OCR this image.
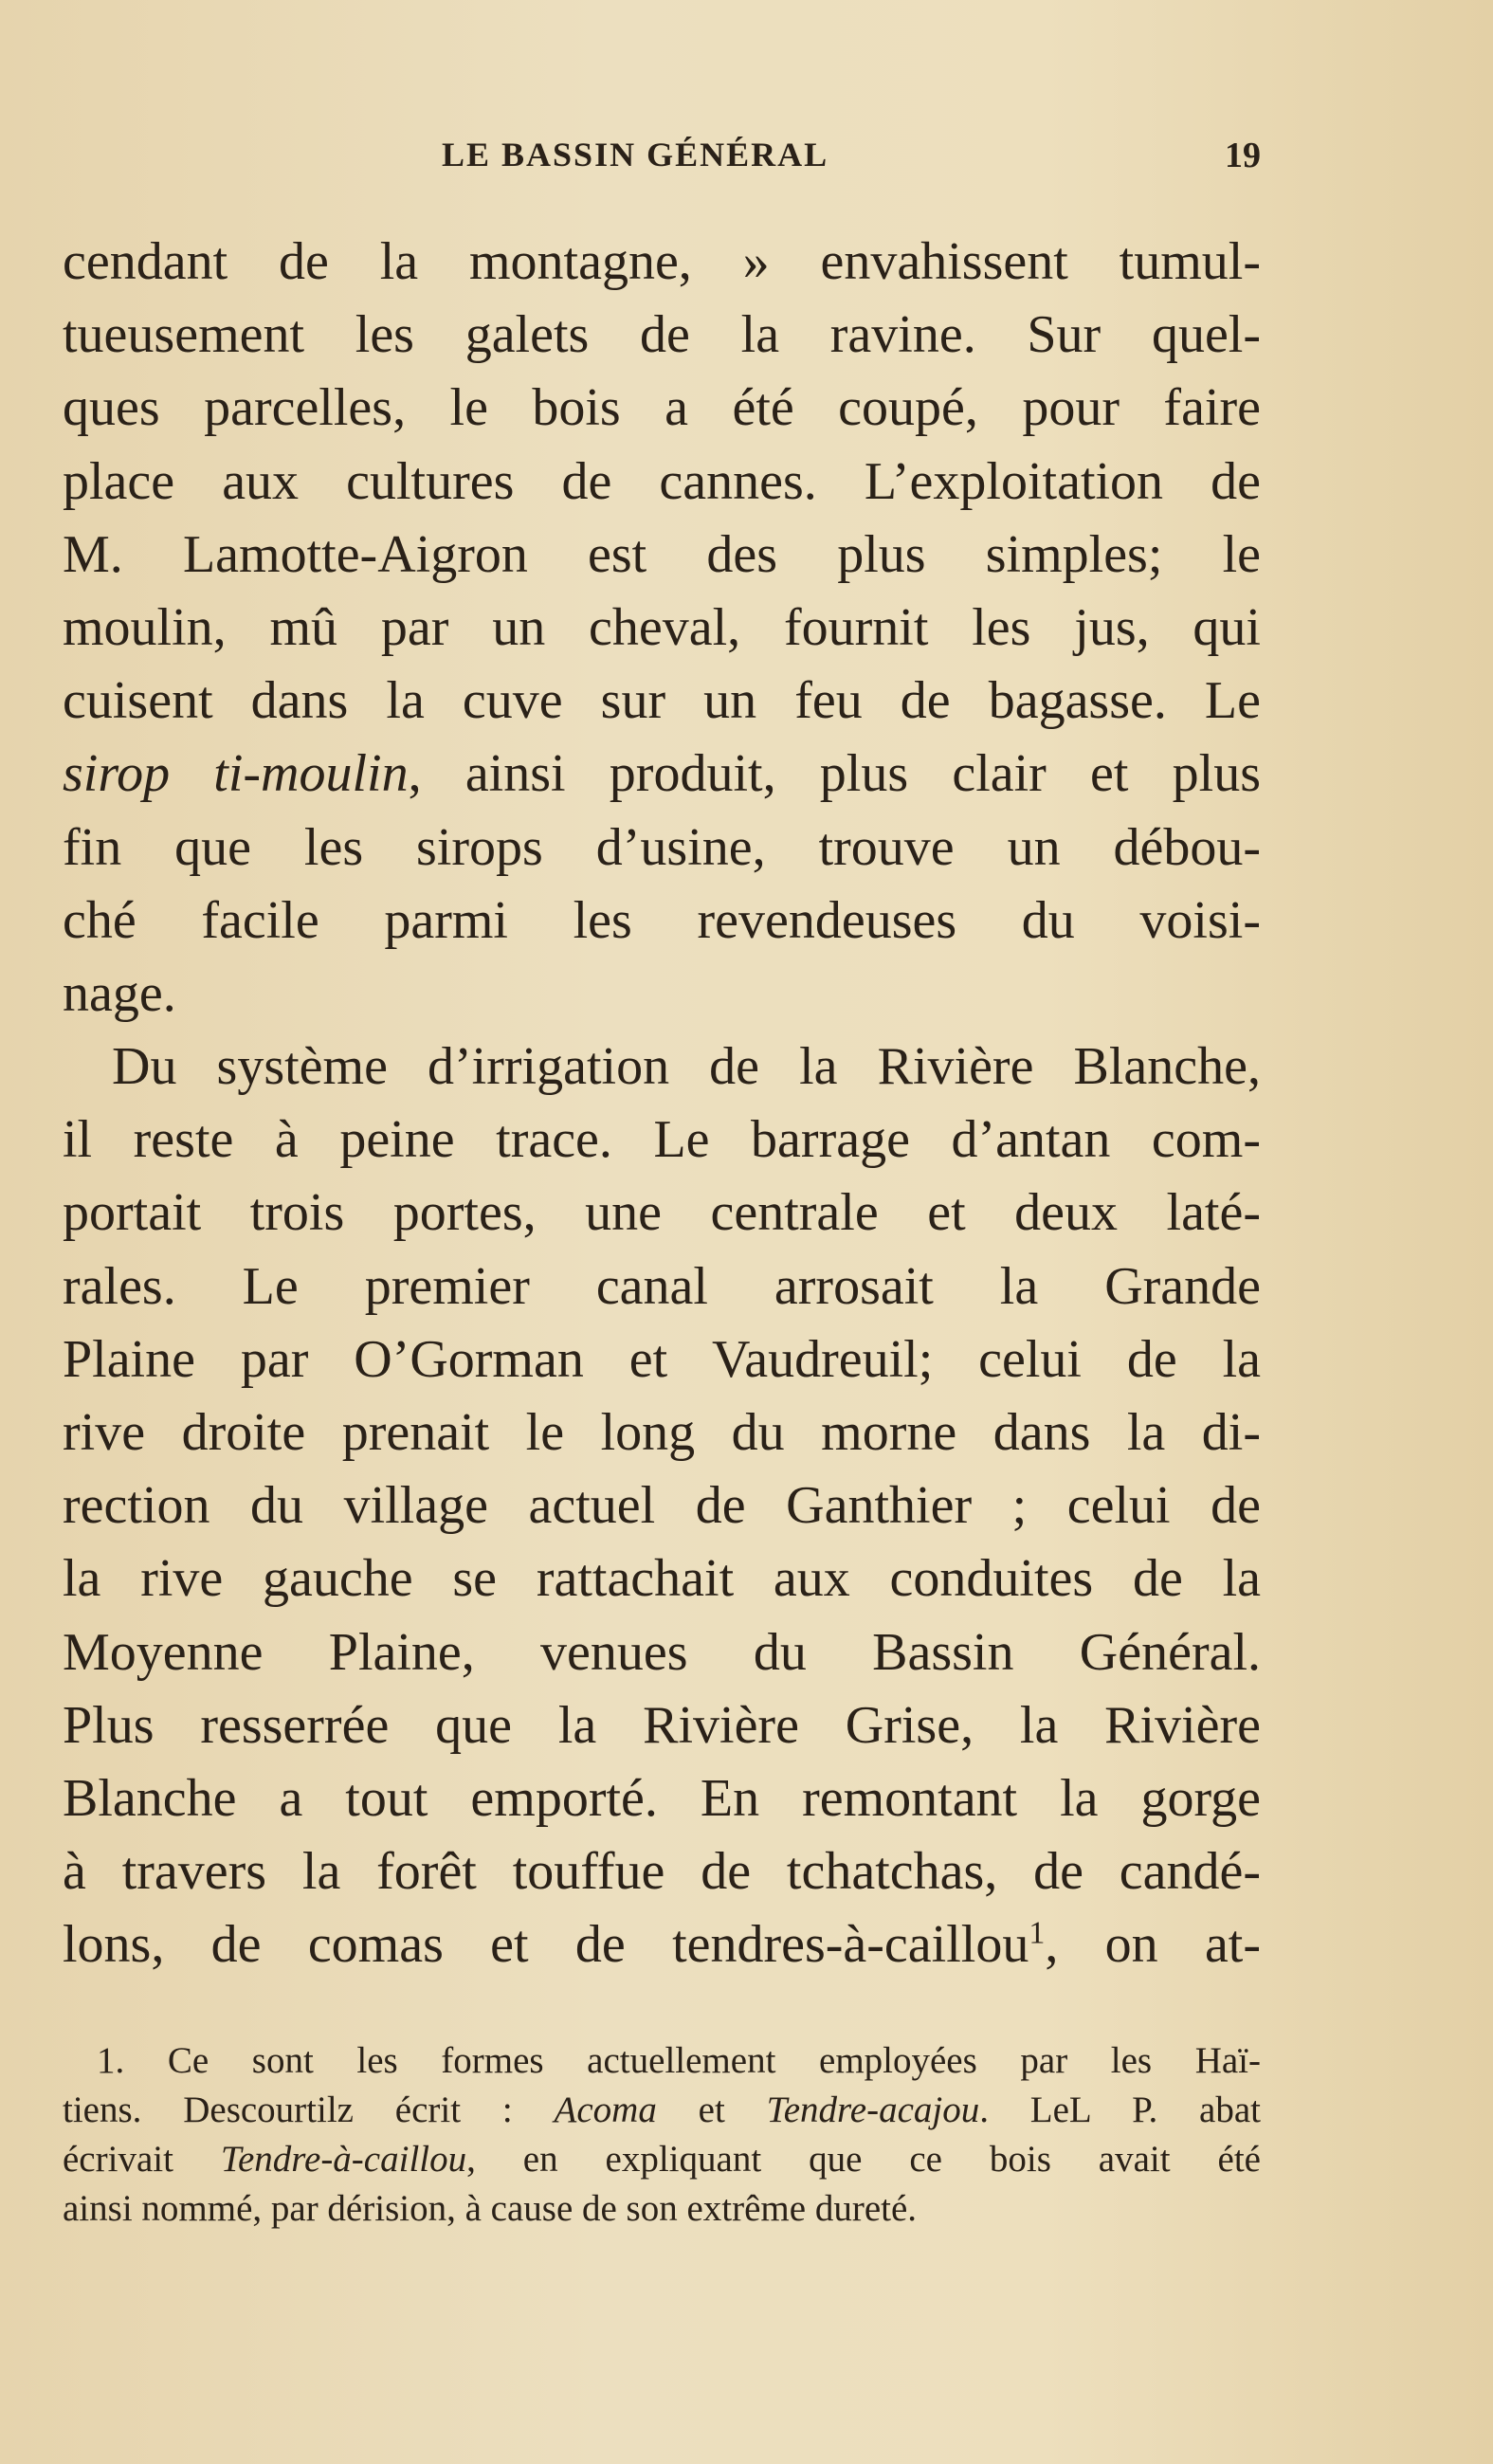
LE BASSIN GÉNÉRAL	19
cendant de la montagne, » envahissent tumul-
tueusement les galets de la ravine. Sur quel-
ques parcelles, le bois a été coupé, pour faire
place aux cultures de cannes. L’exploitation de
M. Lamotte-Aigron est des plus simples; le
moulin, mû par un cheval, fournit les jus, qui
cuisent dans la cuve sur un feu de bagasse. Le
sirop ti-moulin, ainsi produit, plus clair et plus
fin que les sirops d’usine, trouve un débou-
ché facile parmi les revendeuses du voisi-
nage.
Du système d’irrigation de la Rivière Blanche,
il reste à peine trace. Le barrage d’antan com-
portait trois portes, une centrale et deux laté-
rales. Le premier canal arrosait la Grande
Plaine par O’Gorman et Vaudreuil; celui de la
rive droite prenait le long du morne dans la di-
rection du village actuel de Ganthier ; celui de
la rive gauche se rattachait aux conduites de la
Moyenne Plaine, venues du Bassin Général.
Plus resserrée que la Rivière Grise, la Rivière
Blanche a tout emporté. En remontant la gorge
à travers la forêt touffue de tchatchas, de candé-
lons, de comas et de tendres-à-caillou$^1$, on at-
1. Ce sont les formes actuellement employées par les Haï-
tiens. Descourtilz écrit : Acoma et Tendre-acajou. LeL P. abat
écrivait Tendre-à-caillou, en expliquant que ce bois avait été
ainsi nommé, par dérision, à cause de son extrême dureté.
